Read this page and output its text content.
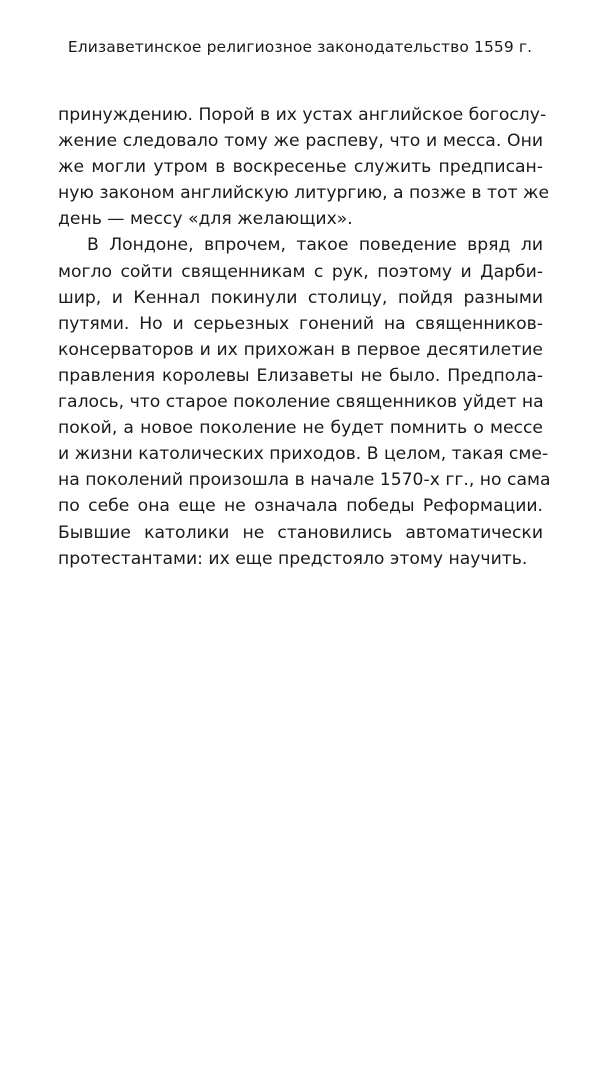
Елизаветинское религиозное законодательство 1559 г.
принуждению. Порой в их устах английское богослу-
жение следовало тому же распеву, что и месса. Они
же могли утром в воскресенье служить предписан-
ную законом английскую литургию, а позже в тот же
день — мессу «для желающих».
В Лондоне, впрочем, такое поведение вряд ли
могло сойти священникам с рук, поэтому и Дарби-
шир, и Кеннал покинули столицу, пойдя разными
путями. Но и серьезных гонений на священников-
консерваторов и их прихожан в первое десятилетие
правления королевы Елизаветы не было. Предпола-
галось, что старое поколение священников уйдет на
покой, а новое поколение не будет помнить о мессе
и жизни католических приходов. В целом, такая сме-
на поколений произошла в начале 1570-х гг., но сама
по себе она еще не означала победы Реформации.
Бывшие католики не становились автоматически
протестантами: их еще предстояло этому научить.
